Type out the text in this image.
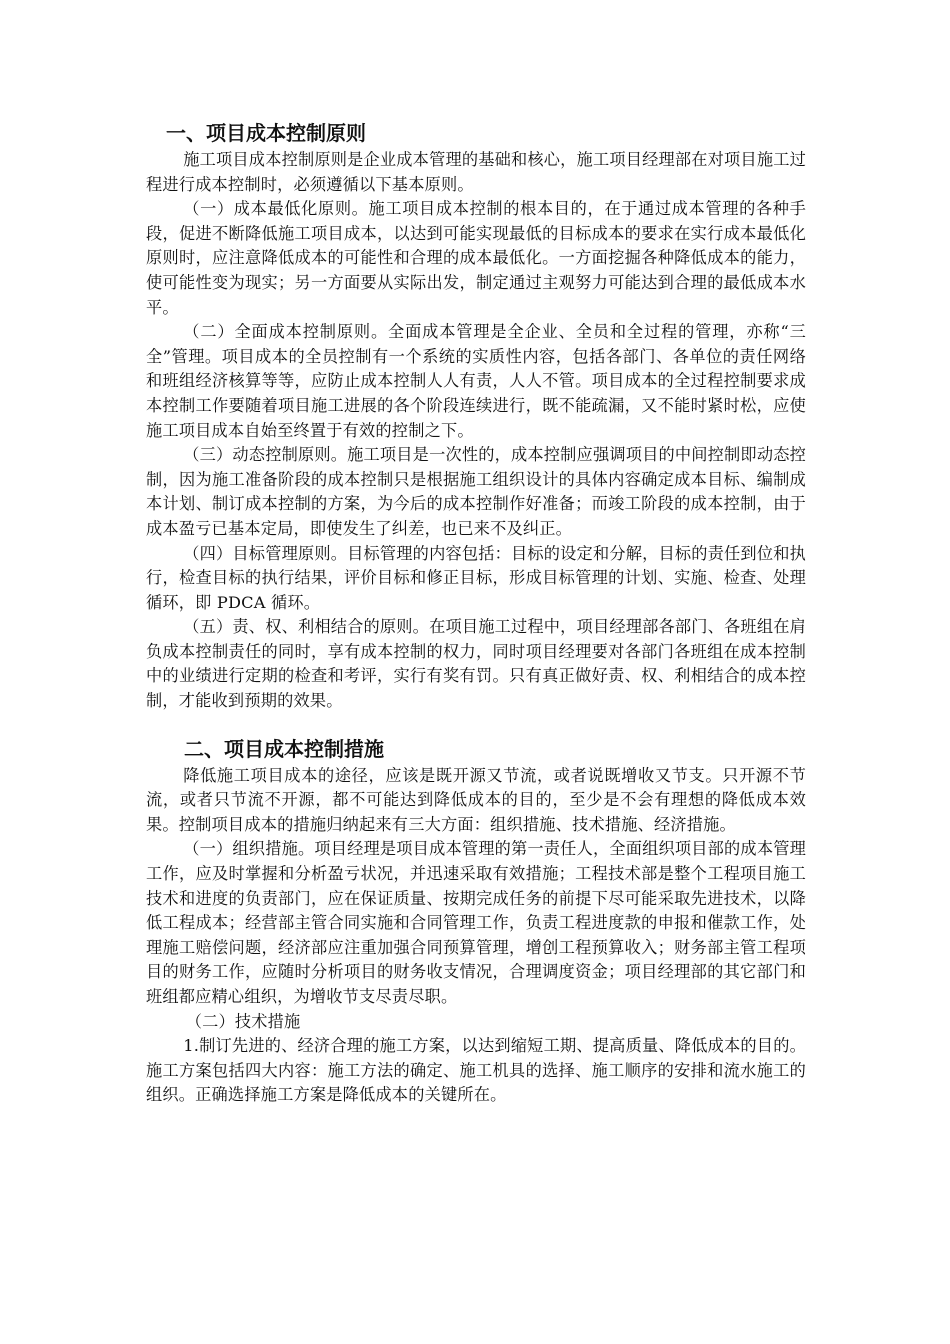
一、项目成本控制原则

施工项目成本控制原则是企业成本管理的基础和核心，施工项目经理部在对项目施工过程进行成本控制时，必须遵循以下基本原则。

（一）成本最低化原则。施工项目成本控制的根本目的，在于通过成本管理的各种手段，促进不断降低施工项目成本，以达到可能实现最低的目标成本的要求在实行成本最低化原则时，应注意降低成本的可能性和合理的成本最低化。一方面挖掘各种降低成本的能力，使可能性变为现实；另一方面要从实际出发，制定通过主观努力可能达到合理的最低成本水平。

（二）全面成本控制原则。全面成本管理是全企业、全员和全过程的管理，亦称“三全”管理。项目成本的全员控制有一个系统的实质性内容，包括各部门、各单位的责任网络和班组经济核算等等，应防止成本控制人人有责，人人不管。项目成本的全过程控制要求成本控制工作要随着项目施工进展的各个阶段连续进行，既不能疏漏，又不能时紧时松，应使施工项目成本自始至终置于有效的控制之下。

（三）动态控制原则。施工项目是一次性的，成本控制应强调项目的中间控制即动态控制，因为施工准备阶段的成本控制只是根据施工组织设计的具体内容确定成本目标、编制成本计划、制订成本控制的方案，为今后的成本控制作好准备；而竣工阶段的成本控制，由于成本盈亏已基本定局，即使发生了纠差，也已来不及纠正。

（四）目标管理原则。目标管理的内容包括：目标的设定和分解，目标的责任到位和执行，检查目标的执行结果，评价目标和修正目标，形成目标管理的计划、实施、检查、处理循环，即 PDCA 循环。

（五）责、权、利相结合的原则。在项目施工过程中，项目经理部各部门、各班组在肩负成本控制责任的同时，享有成本控制的权力，同时项目经理要对各部门各班组在成本控制中的业绩进行定期的检查和考评，实行有奖有罚。只有真正做好责、权、利相结合的成本控制，才能收到预期的效果。

二、项目成本控制措施

降低施工项目成本的途径，应该是既开源又节流，或者说既增收又节支。只开源不节流，或者只节流不开源，都不可能达到降低成本的目的，至少是不会有理想的降低成本效果。控制项目成本的措施归纳起来有三大方面：组织措施、技术措施、经济措施。

（一）组织措施。项目经理是项目成本管理的第一责任人，全面组织项目部的成本管理工作，应及时掌握和分析盈亏状况，并迅速采取有效措施；工程技术部是整个工程项目施工技术和进度的负责部门，应在保证质量、按期完成任务的前提下尽可能采取先进技术，以降低工程成本；经营部主管合同实施和合同管理工作，负责工程进度款的申报和催款工作，处理施工赔偿问题，经济部应注重加强合同预算管理，增创工程预算收入；财务部主管工程项目的财务工作，应随时分析项目的财务收支情况，合理调度资金；项目经理部的其它部门和班组都应精心组织，为增收节支尽责尽职。

（二）技术措施

1.制订先进的、经济合理的施工方案，以达到缩短工期、提高质量、降低成本的目的。施工方案包括四大内容：施工方法的确定、施工机具的选择、施工顺序的安排和流水施工的组织。正确选择施工方案是降低成本的关键所在。
